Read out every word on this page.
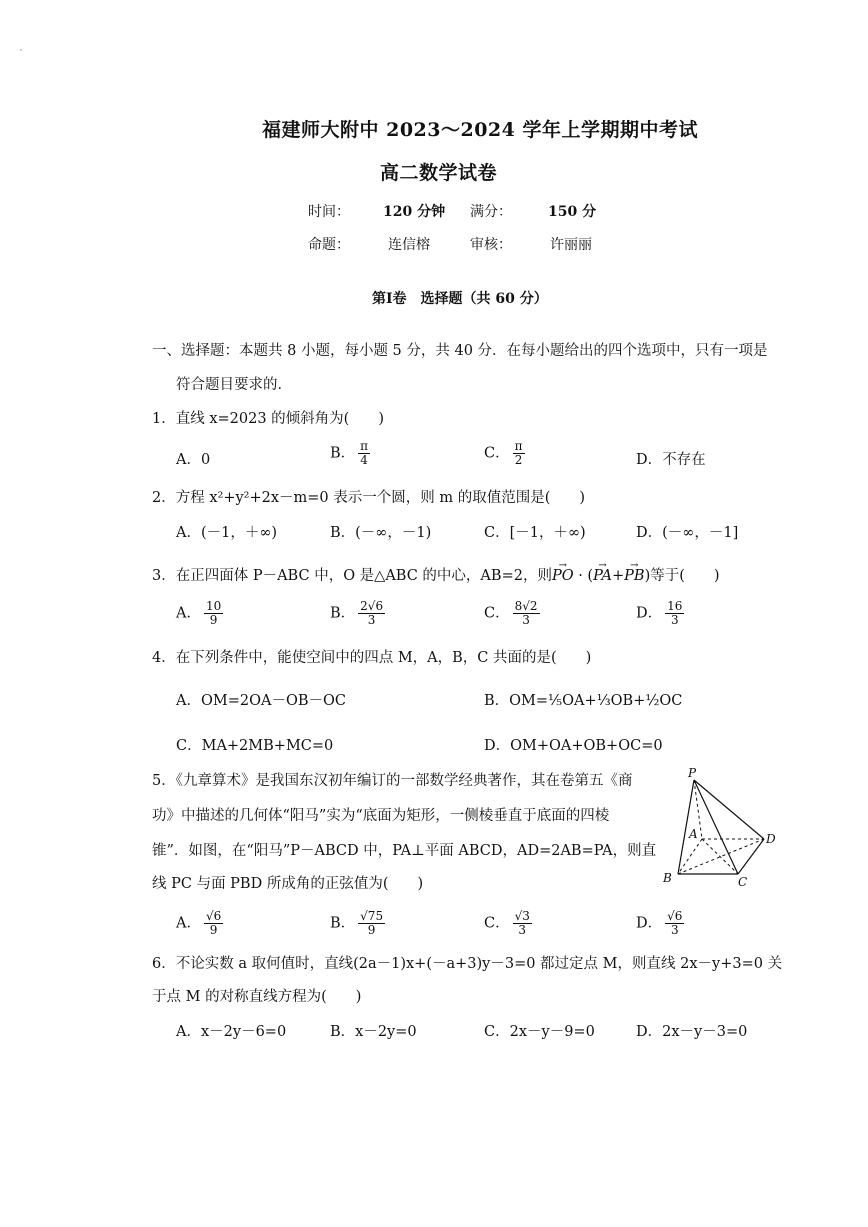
福建师大附中 2023～2024 学年上学期期中考试
高二数学试卷
时间： 120 分钟 满分：	150 分
命题：	连信榕	审核：	许丽丽
第Ⅰ卷　选择题（共 60 分）
一、选择题：本题共 8 小题，每小题 5 分，共 40 分．在每小题给出的四个选项中，只有一项是
符合题目要求的．
1．直线 x=2023 的倾斜角为(　　)
A．0	B． $\frac{\pi}{4}$	C． $\frac{\pi}{2}$	D．不存在
2．方程 x²+y²+2x－m=0 表示一个圆，则 m 的取值范围是(　　)
A．(－1，＋∞)	B．(－∞，－1)	C．[－1，＋∞)	D．(－∞，－1]
3．在正四面体 P－ABC 中，O 是△ABC 的中心，AB=2，则→ PO · (→ PA+→ PB)等于(　　)
A． $\frac{10}{9}$	B． $\frac{2√6}{3}$	C． $\frac{8√2}{3}$	D． $\frac{16}{3}$
4．在下列条件中，能使空间中的四点 M，A，B，C 共面的是(　　)
A．OM=2OA－OB－OC	B．OM=⅕OA+⅓OB+½OC
C．MA+2MB+MC=0	D．OM+OA+OB+OC=0
5．《九章算术》是我国东汉初年编订的一部数学经典著作，其在卷第五《商
功》中描述的几何体“阳马”实为“底面为矩形，一侧棱垂直于底面的四棱
锥”．如图，在“阳马”P－ABCD 中，PA⊥平面 ABCD，AD=2AB=PA，则直
线 PC 与面 PBD 所成角的正弦值为(　　)
P
A
B	C
D
A． $\frac{√6}{9}$	B． $\frac{√75}{9}$	C． $\frac{√3}{3}$	D． $\frac{√6}{3}$
6．不论实数 a 取何值时，直线(2a－1)x+(－a+3)y－3=0 都过定点 M，则直线 2x－y+3=0 关
于点 M 的对称直线方程为(　　)
A．x－2y－6=0	B．x－2y=0	C．2x－y－9=0	D．2x－y－3=0
